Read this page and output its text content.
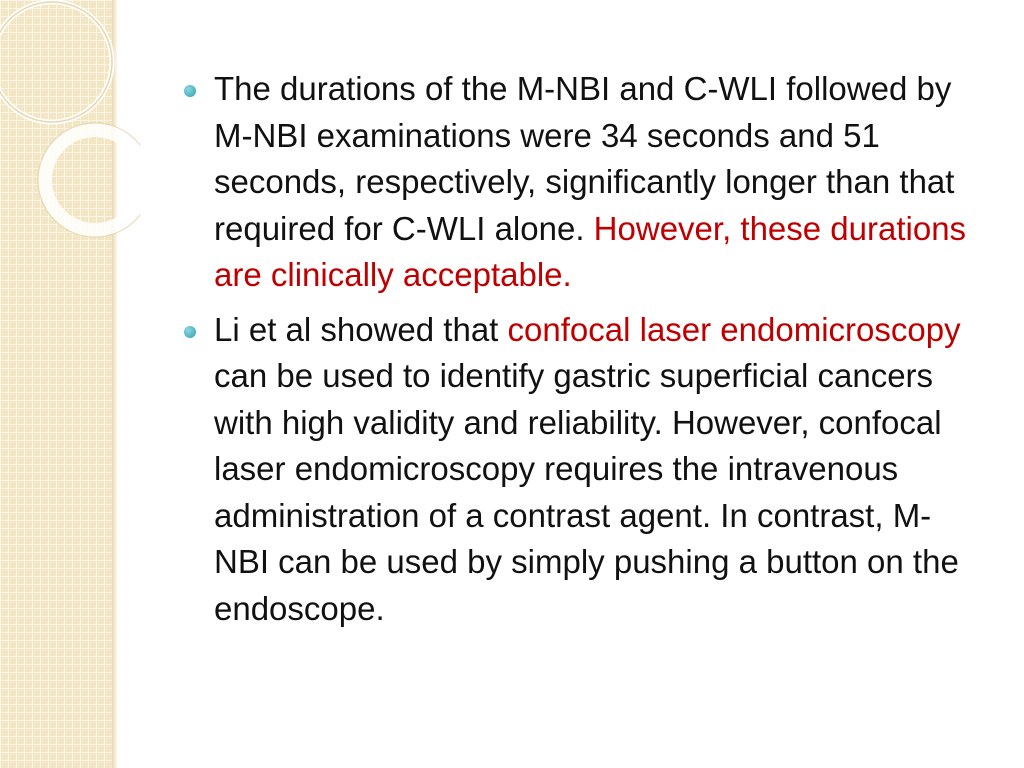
The durations of the M-NBI and C-WLI followed by M-NBI examinations were 34 seconds and 51 seconds, respectively, significantly longer than that required for C-WLI alone. However, these durations are clinically acceptable.
Li et al showed that confocal laser endomicroscopy can be used to identify gastric superficial cancers with high validity and reliability. However, confocal laser endomicroscopy requires the intravenous administration of a contrast agent. In contrast, M-NBI can be used by simply pushing a button on the endoscope.
